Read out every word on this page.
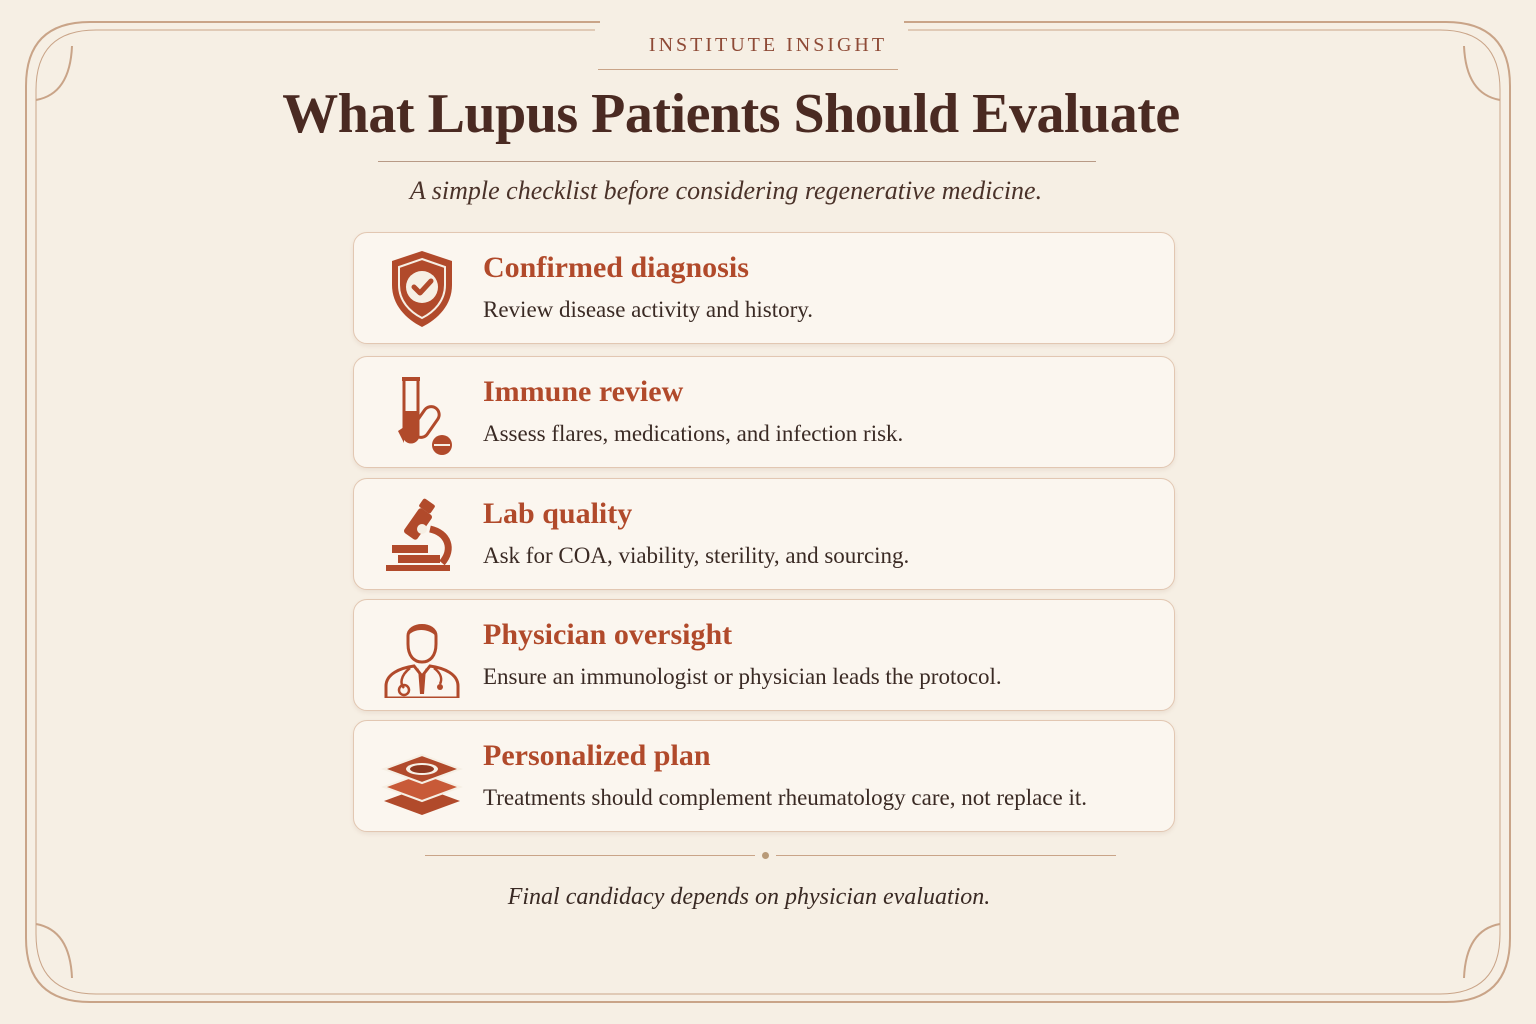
INSTITUTE INSIGHT
What Lupus Patients Should Evaluate
A simple checklist before considering regenerative medicine.
Confirmed diagnosis
Review disease activity and history.
Immune review
Assess flares, medications, and infection risk.
Lab quality
Ask for COA, viability, sterility, and sourcing.
Physician oversight
Ensure an immunologist or physician leads the protocol.
Personalized plan
Treatments should complement rheumatology care, not replace it.
Final candidacy depends on physician evaluation.
